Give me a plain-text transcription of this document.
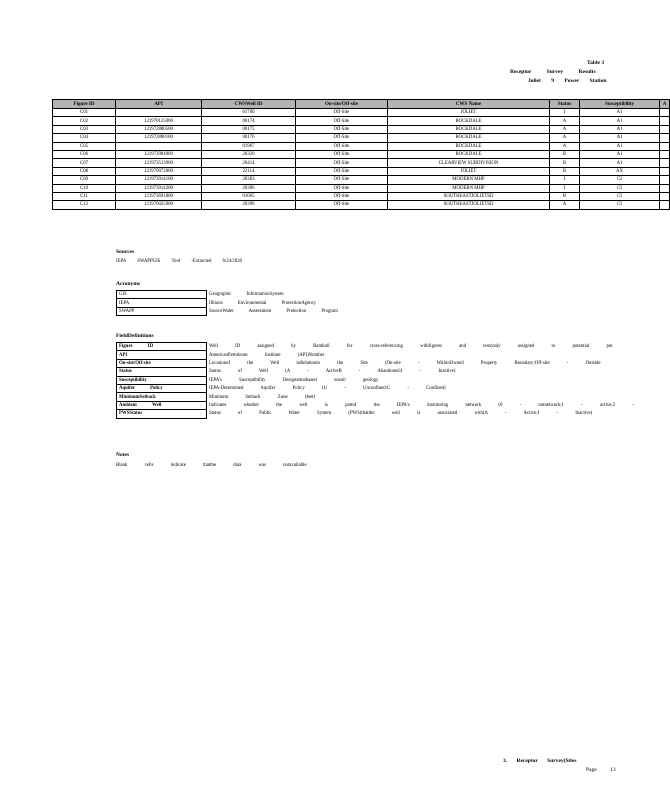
Table 3
Receptor Survey Results
Joliet 9 Power Station
Figure ID	API	CWSWell ID	On-site/Off-site	CWS Name	Status	Susceptibility	A
C01		01700	Off-Site	JOLIET	I	A1	
C02	121970125000	00174	Off-Site	ROCKDALE	A	A1	
C03	121972880500	00175	Off-Site	ROCKDALE	A	A1	
C04	121972880100	00176	Off-Site	ROCKDALE	A	A1	
C05		01967	Off-Site	ROCKDALE	A	A1	
C06	121973984900	20320	Off-Site	ROCKDALE	B	A1	
C07	121973513900	20414	Off-Site	CLEARVIEW SUBDIVISION	B	A1	
C08	121970072000	22114	Off-Site	JOLIET	B	AX	
C09	121973914100	20383	Off-Site	MODERN MHP	I	CI	
C10	121973914200	20386	Off-Site	MODERN MHP	I	CI	
C11	121973691800	01065	Off-Site	SOUTHEASTJOLIETSD	B	CI	
C12	121970025900	20396	Off-Site	SOUTHEASTJOLIETSD	A	CI	
Sources
IEPA SWAPPGIS Tool -Extracted 6/24/2020
Acronyms
GIS	Geographic InformationSystem
IEPA	Illinois Environmental ProtectionAgency
SWAPP	SourceWater Assessment Protection Program
FieldDefinitions
Figure ID	Well ID assigned by Ramboll for cross-referencing withfigures and text(only assigned to potential pot
API	AmericanPetroleum Institute (API)Number
On-site/Off-site	Locationof the Well inRelationto the Site (On-site - WithinOwned Property Boundary;Off-site - Outside
Status	Status of Well (A - ActiveB - Abandoned;I - Inactive)
Susceptibility	IEPA's Susceptibility Designationbased onsoil geology
Aquifer Policy	IEPA-Determined Aquifer Policy (U - Unconfined;C - Confined)
MinimumSetback	Minimum Setback Zone (feet)
Ambient Well	Indicates whether the well is partof the IEPA's monitoring network (0 - notnetwork;1 - active;2 -
PWSStatus	Status of Public Water System (PWS)thatthe well is associated with(A - Active;I - Inactive)
Notes
Blank cells indicate thatthe data was notavailable
3. Receptor Survey(Sites
Page 13
